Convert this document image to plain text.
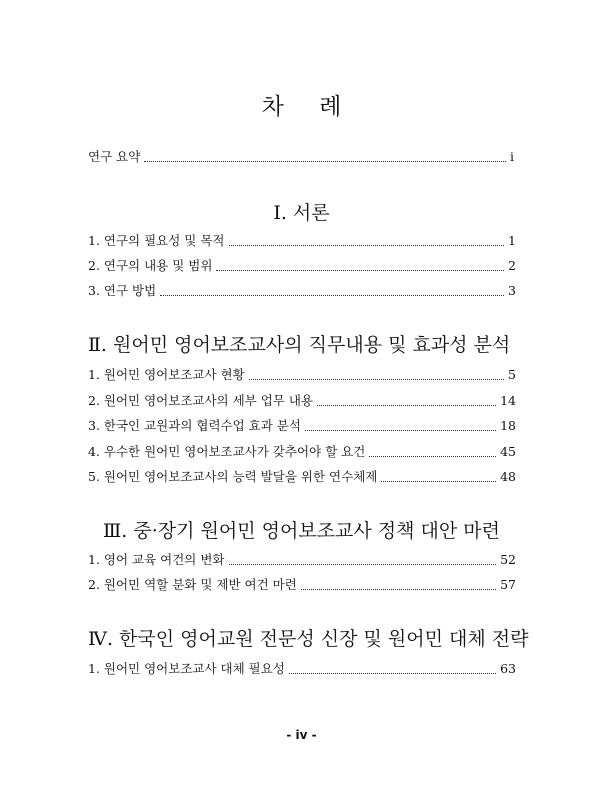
차 례
연구 요약	i
Ⅰ. 서론
1. 연구의 필요성 및 목적	1
2. 연구의 내용 및 범위	2
3. 연구 방법	3
Ⅱ. 원어민 영어보조교사의 직무내용 및 효과성 분석
1. 원어민 영어보조교사 현황	5
2. 원어민 영어보조교사의 세부 업무 내용	14
3. 한국인 교원과의 협력수업 효과 분석	18
4. 우수한 원어민 영어보조교사가 갖추어야 할 요건	45
5. 원어민 영어보조교사의 능력 발달을 위한 연수체제	48
Ⅲ. 중·장기 원어민 영어보조교사 정책 대안 마련
1. 영어 교육 여건의 변화	52
2. 원어민 역할 분화 및 제반 여건 마련	57
Ⅳ. 한국인 영어교원 전문성 신장 및 원어민 대체 전략
1. 원어민 영어보조교사 대체 필요성	63
- iv -
